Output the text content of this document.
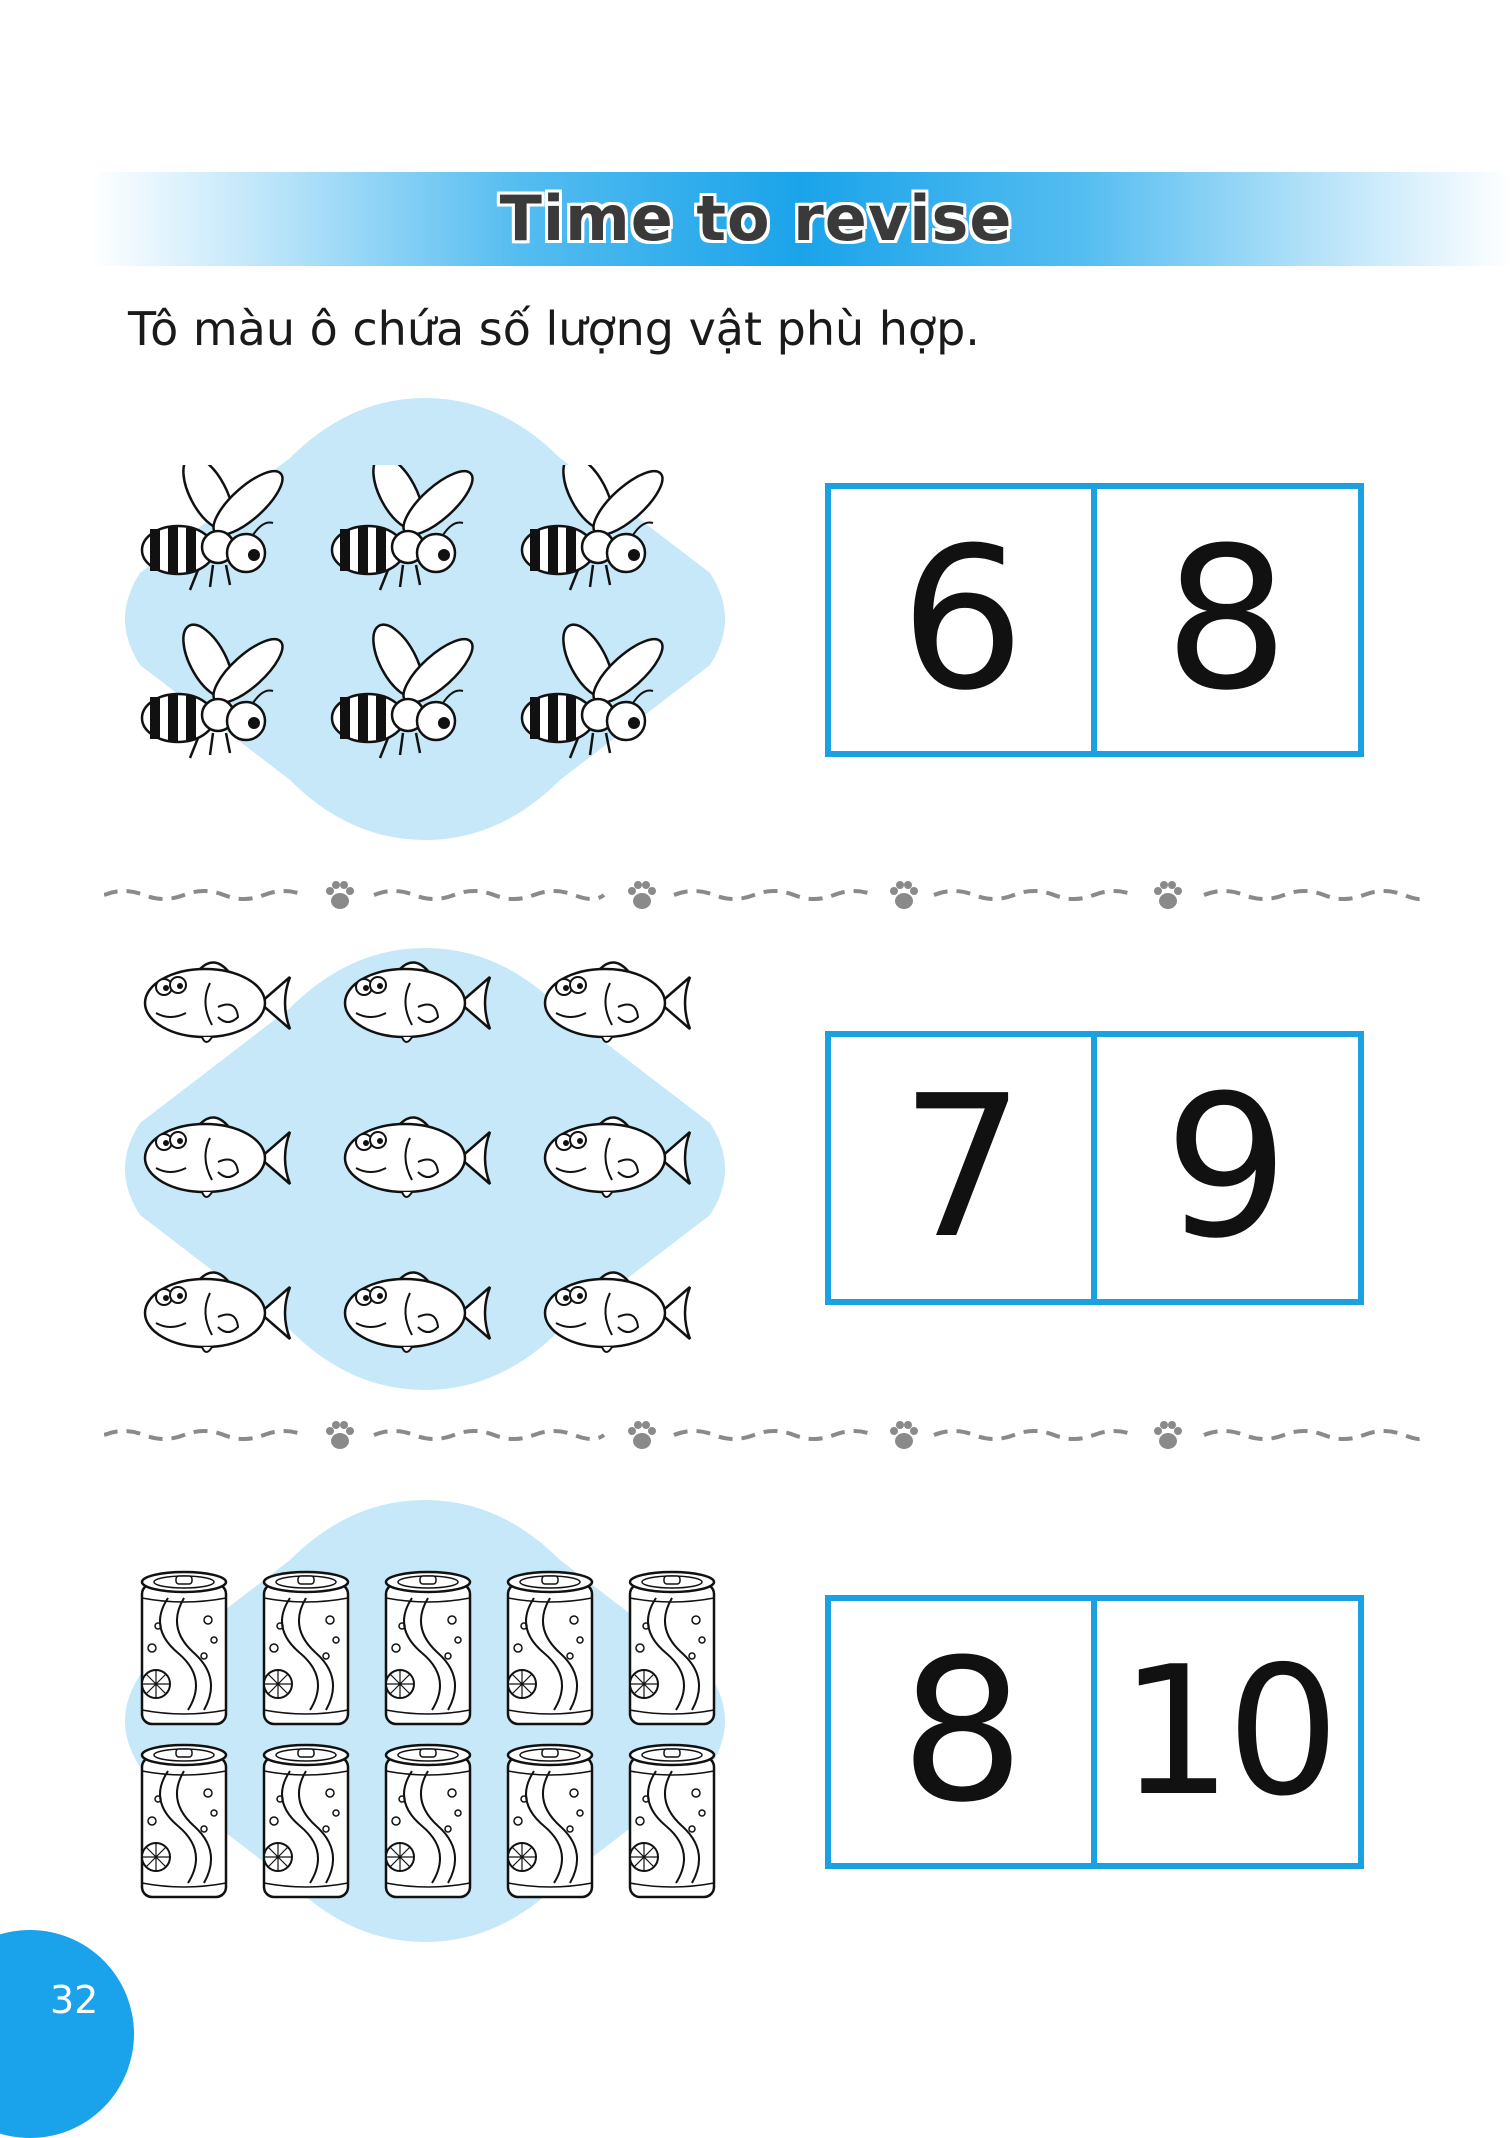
Time to revise
Tô màu ô chứa số lượng vật phù hợp.
6 8
7 9
8 10
32
